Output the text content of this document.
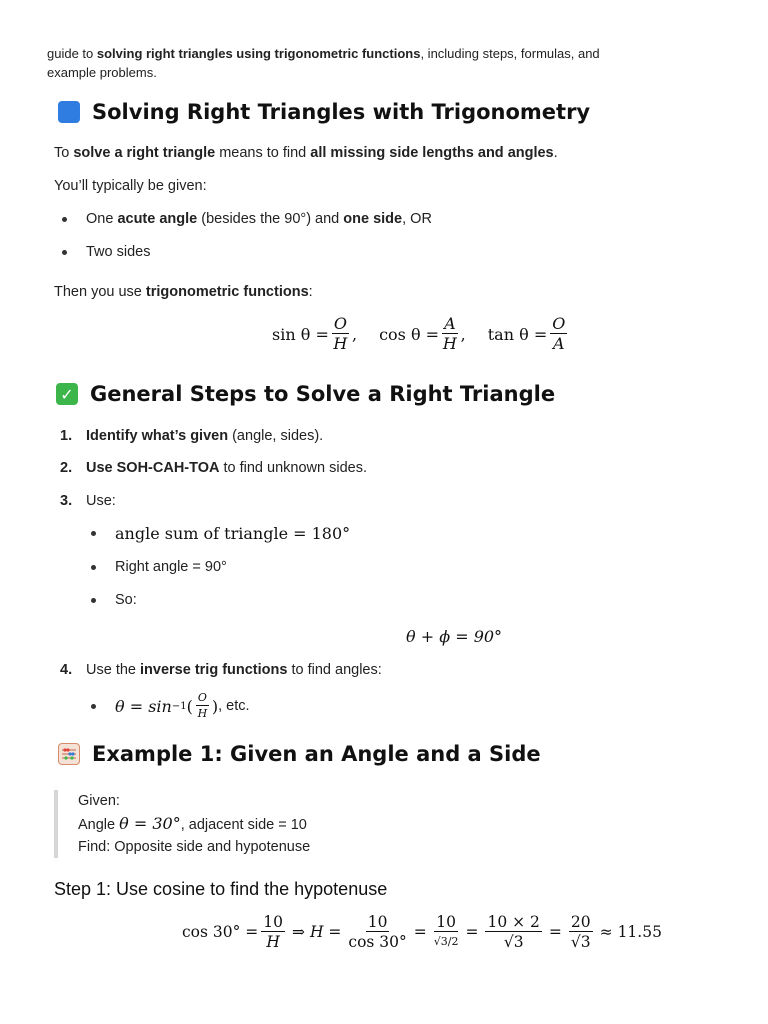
guide to solving right triangles using trigonometric functions, including steps, formulas, and
example problems.
Solving Right Triangles with Trigonometry
To solve a right triangle means to find all missing side lengths and angles.
You’ll typically be given:
One acute angle (besides the 90°) and one side, OR
Two sides
Then you use trigonometric functions:
$\sin \theta = \frac{O}{H}$ , $\cos \theta = \frac{A}{H}$ , $\tan \theta = \frac{O}{A}$
✓ General Steps to Solve a Right Triangle
1. Identify what’s given (angle, sides).
2. Use SOH-CAH-TOA to find unknown sides.
3. Use:
angle sum of triangle = 180°
Right angle = 90°
So:
θ + ϕ = 90°
4. Use the inverse trig functions to find angles:
θ = sin −1 ( $\frac{O}{H}$ ) , etc.
Example 1: Given an Angle and a Side
Given:
Angle θ = 30°, adjacent side = 10
Find: Opposite side and hypotenuse
Step 1: Use cosine to find the hypotenuse
$\cos 30^\circ = \frac{10}{H}$ ⇒ $H = \frac{10}{\cos 30^\circ} = \frac{10}{√3/2} = \frac{10 \times 2}{√3} = \frac{20}{√3} \approx 11.55$
